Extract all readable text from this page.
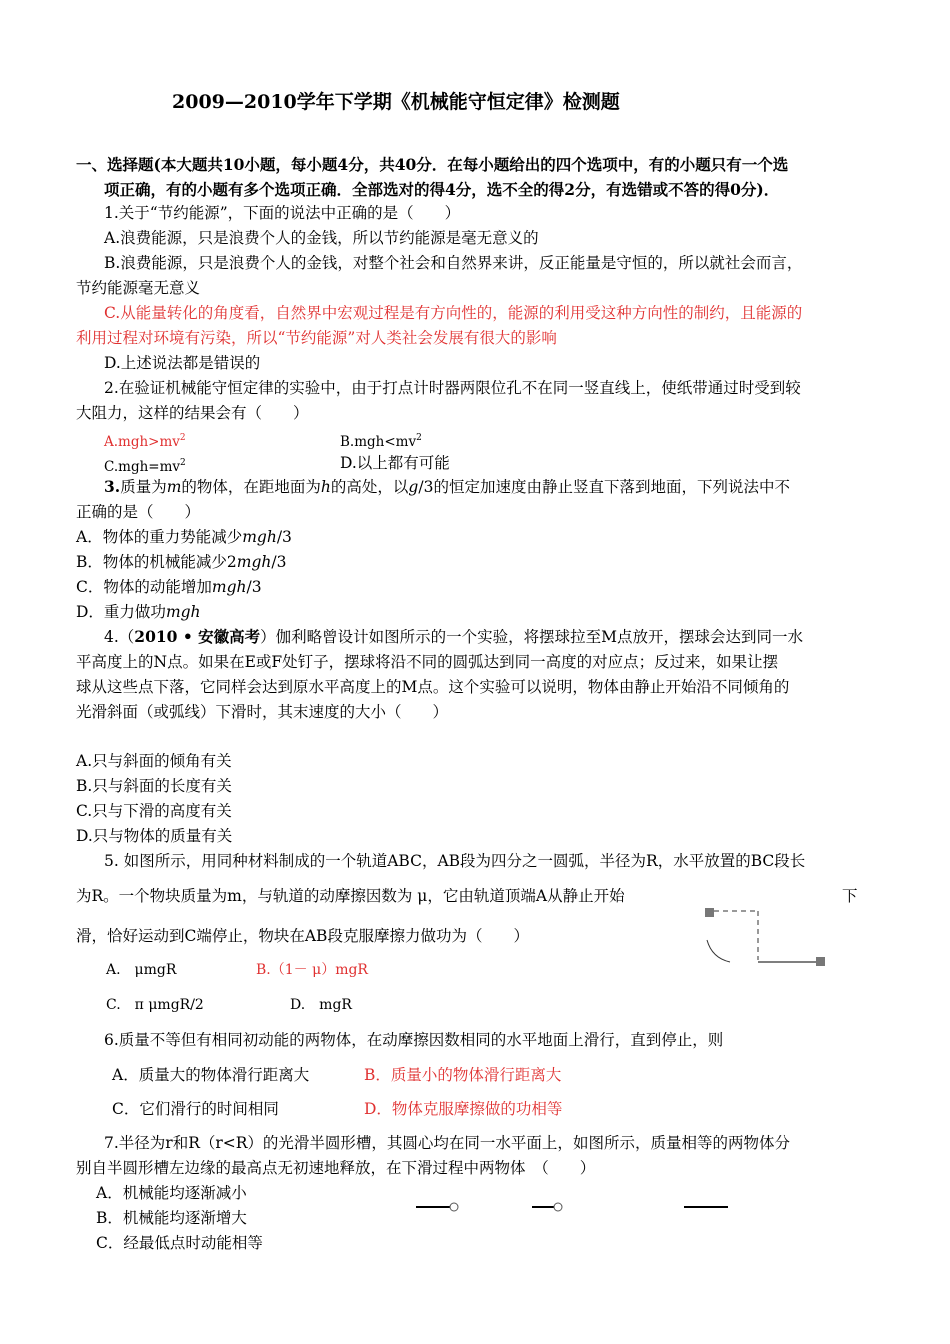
2009—2010学年下学期《机械能守恒定律》检测题
一、选择题(本大题共10小题，每小题4分，共40分．在每小题给出的四个选项中，有的小题只有一个选
项正确，有的小题有多个选项正确．全部选对的得4分，选不全的得2分，有选错或不答的得0分)．
1.关于“节约能源”，下面的说法中正确的是（　　）
A.浪费能源，只是浪费个人的金钱，所以节约能源是毫无意义的
B.浪费能源，只是浪费个人的金钱，对整个社会和自然界来讲，反正能量是守恒的，所以就社会而言，
节约能源毫无意义
C.从能量转化的角度看，自然界中宏观过程是有方向性的，能源的利用受这种方向性的制约，且能源的
利用过程对环境有污染，所以“节约能源”对人类社会发展有很大的影响
D.上述说法都是错误的
2.在验证机械能守恒定律的实验中，由于打点计时器两限位孔不在同一竖直线上，使纸带通过时受到较
大阻力，这样的结果会有（　　）
$A.mgh>mv^2$	$B.mgh<mv^2$
$C.mgh=mv^2$	D.以上都有可能
3.质量为m的物体，在距地面为h的高处，以g/3的恒定加速度由静止竖直下落到地面，下列说法中不
正确的是（　　）
A．物体的重力势能减少mgh/3
B．物体的机械能减少2mgh/3
C．物体的动能增加mgh/3
D．重力做功mgh
4.（2010 • 安徽高考）伽利略曾设计如图所示的一个实验，将摆球拉至M点放开，摆球会达到同一水
平高度上的N点。如果在E或F处钉子，摆球将沿不同的圆弧达到同一高度的对应点；反过来，如果让摆
球从这些点下落，它同样会达到原水平高度上的M点。这个实验可以说明，物体由静止开始沿不同倾角的
光滑斜面（或弧线）下滑时，其末速度的大小（　　）
A.只与斜面的倾角有关
B.只与斜面的长度有关
C.只与下滑的高度有关
D.只与物体的质量有关
5. 如图所示，用同种材料制成的一个轨道ABC，AB段为四分之一圆弧，半径为R，水平放置的BC段长
为R。一个物块质量为m，与轨道的动摩擦因数为 μ，它由轨道顶端A从静止开始	下
滑，恰好运动到C端停止，物块在AB段克服摩擦力做功为（　　）
A.　μmgR	B.（1－ μ）mgR
C.　π μmgR/2	D.　mgR
6.质量不等但有相同初动能的两物体，在动摩擦因数相同的水平地面上滑行，直到停止，则
A．质量大的物体滑行距离大	B．质量小的物体滑行距离大
C．它们滑行的时间相同	D．物体克服摩擦做的功相等
7.半径为r和R（r<R）的光滑半圆形槽，其圆心均在同一水平面上，如图所示，质量相等的两物体分
别自半圆形槽左边缘的最高点无初速地释放，在下滑过程中两物体　（　　）
A．机械能均逐渐减小
B．机械能均逐渐增大
C．经最低点时动能相等
